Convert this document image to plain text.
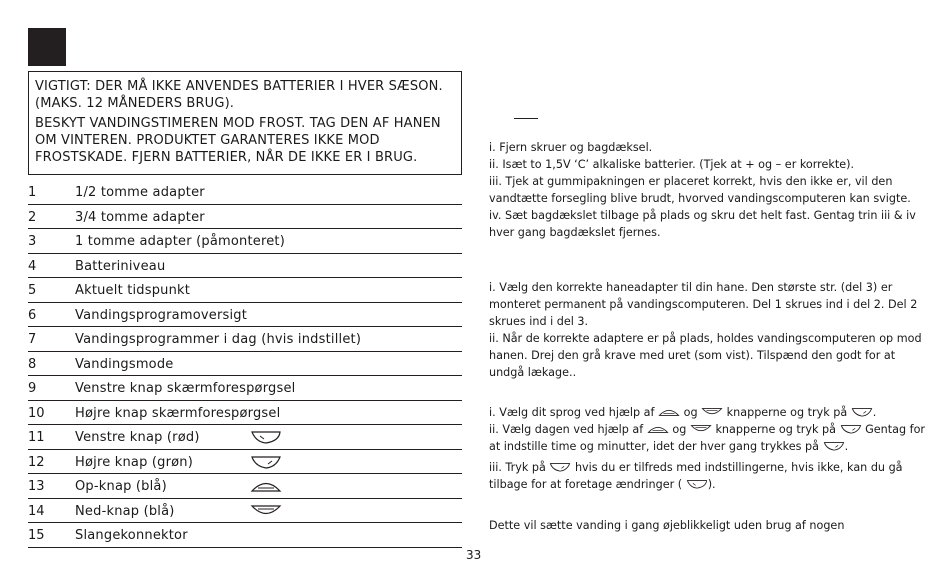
VIGTIGT: DER MÅ IKKE ANVENDES BATTERIER I HVER SÆSON. (MAKS. 12 MÅNEDERS BRUG).

BESKYT VANDINGSTIMEREN MOD FROST. TAG DEN AF HANEN OM VINTEREN. PRODUKTET GARANTERES IKKE MOD FROSTSKADE. FJERN BATTERIER, NÅR DE IKKE ER I BRUG.

1	1/2 tomme adapter
2	3/4 tomme adapter
3	1 tomme adapter (påmonteret)
4	Batteriniveau
5	Aktuelt tidspunkt
6	Vandingsprogramoversigt
7	Vandingsprogrammer i dag (hvis indstillet)
8	Vandingsmode
9	Venstre knap skærmforespørgsel
10 Højre knap skærmforespørgsel
11 Venstre knap (rød)
12 Højre knap (grøn)
13 Op-knap (blå)
14 Ned-knap (blå)
15 Slangekonnektor

i. Fjern skruer og bagdæksel.

ii. Isæt to 1,5V ‘C’ alkaliske batterier. (Tjek at + og – er korrekte).

iii. Tjek at gummipakningen er placeret korrekt, hvis den ikke er, vil den vandtætte forsegling blive brudt, hvorved vandingscomputeren kan svigte.

iv. Sæt bagdækslet tilbage på plads og skru det helt fast. Gentag trin iii & iv hver gang bagdækslet fjernes.

i. Vælg den korrekte haneadapter til din hane. Den største str. (del 3) er monteret permanent på vandingscomputeren. Del 1 skrues ind i del 2. Del 2 skrues ind i del 3.

ii. Når de korrekte adaptere er på plads, holdes vandingscomputeren op mod hanen. Drej den grå krave med uret (som vist). Tilspænd den godt for at undgå lækage..

i. Vælg dit sprog ved hjælp af	og	knapperne og tryk på .

ii. Vælg dagen ved hjælp af	og	knapperne og tryk på	Gentag for at indstille time og minutter, idet der hver gang trykkes på .

iii. Tryk på	hvis du er tilfreds med indstillingerne, hvis ikke, kan du gå tilbage for at foretage ændringer ( ).

Dette vil sætte vanding i gang øjeblikkeligt uden brug af nogen

33
